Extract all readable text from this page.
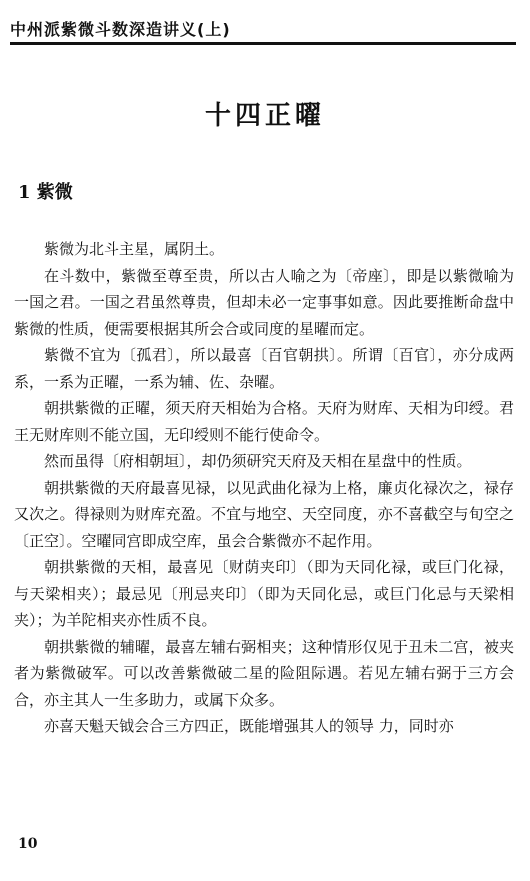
中州派紫微斗数深造讲义(上)
十四正曜
1 紫微

紫微为北斗主星，属阴土。

在斗数中，紫微至尊至贵，所以古人喻之为〔帝座〕，即是以紫微喻为一国之君。一国之君虽然尊贵，但却未必一定事事如意。因此要推断命盘中紫微的性质，便需要根据其所会合或同度的星曜而定。

紫微不宜为〔孤君〕，所以最喜〔百官朝拱〕。所谓〔百官〕，亦分成两系，一系为正曜，一系为辅、佐、杂曜。

朝拱紫微的正曜，须天府天相始为合格。天府为财库、天相为印绶。君王无财库则不能立国，无印绶则不能行使命令。

然而虽得〔府相朝垣〕，却仍须研究天府及天相在星盘中的性质。

朝拱紫微的天府最喜见禄，以见武曲化禄为上格，廉贞化禄次之，禄存又次之。得禄则为财库充盈。不宜与地空、天空同度，亦不喜截空与旬空之〔正空〕。空曜同宫即成空库，虽会合紫微亦不起作用。

朝拱紫微的天相，最喜见〔财荫夹印〕（即为天同化禄，或巨门化禄，与天梁相夹）；最忌见〔刑忌夹印〕（即为天同化忌，或巨门化忌与天梁相夹）；为羊陀相夹亦性质不良。

朝拱紫微的辅曜，最喜左辅右弼相夹；这种情形仅见于丑未二宫，被夹者为紫微破军。可以改善紫微破二星的险阻际遇。若见左辅右弼于三方会合，亦主其人一生多助力，或属下众多。

亦喜天魁天钺会合三方四正，既能增强其人的领导 力，同时亦

10
